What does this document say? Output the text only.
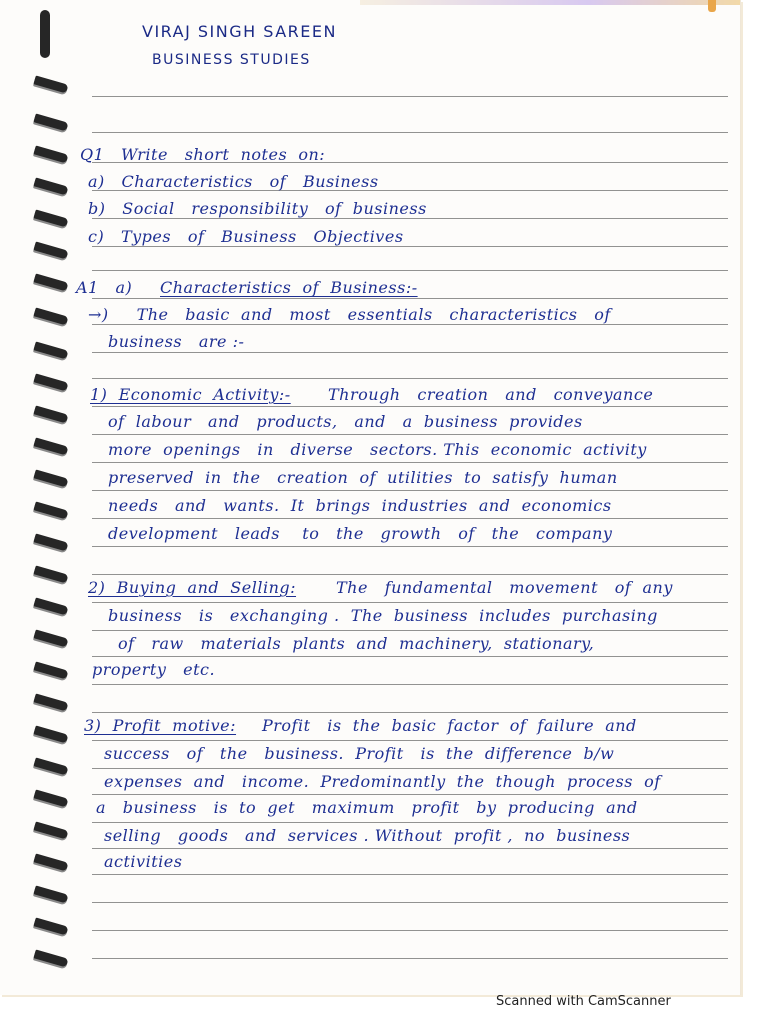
VIRAJ SINGH SAREEN
BUSINESS STUDIES
Q1   Write   short  notes  on:
a)   Characteristics   of   Business
b)   Social   responsibility   of  business
c)   Types   of   Business   Objectives
A1   a) Characteristics  of  Business:-
→)     The   basic  and   most   essentials   characteristics   of
business   are :-
1)  Economic  Activity:- Through   creation   and   conveyance
of  labour   and   products,   and   a  business  provides
more  openings   in   diverse   sectors. This  economic  activity
preserved  in  the   creation  of  utilities  to  satisfy  human
needs   and   wants.  It  brings  industries  and  economics
development   leads    to   the   growth   of   the   company
2)  Buying  and  Selling: The   fundamental   movement   of  any
business   is   exchanging .  The  business  includes  purchasing
of   raw   materials  plants  and  machinery,  stationary,
property   etc.
3)  Profit  motive: Profit   is  the  basic  factor  of  failure  and
success   of   the   business.  Profit   is  the  difference  b/w
expenses  and   income.  Predominantly  the  though  process  of
a   business   is  to  get   maximum   profit   by  producing  and
selling   goods   and  services . Without  profit ,  no  business
activities
Scanned with CamScanner
